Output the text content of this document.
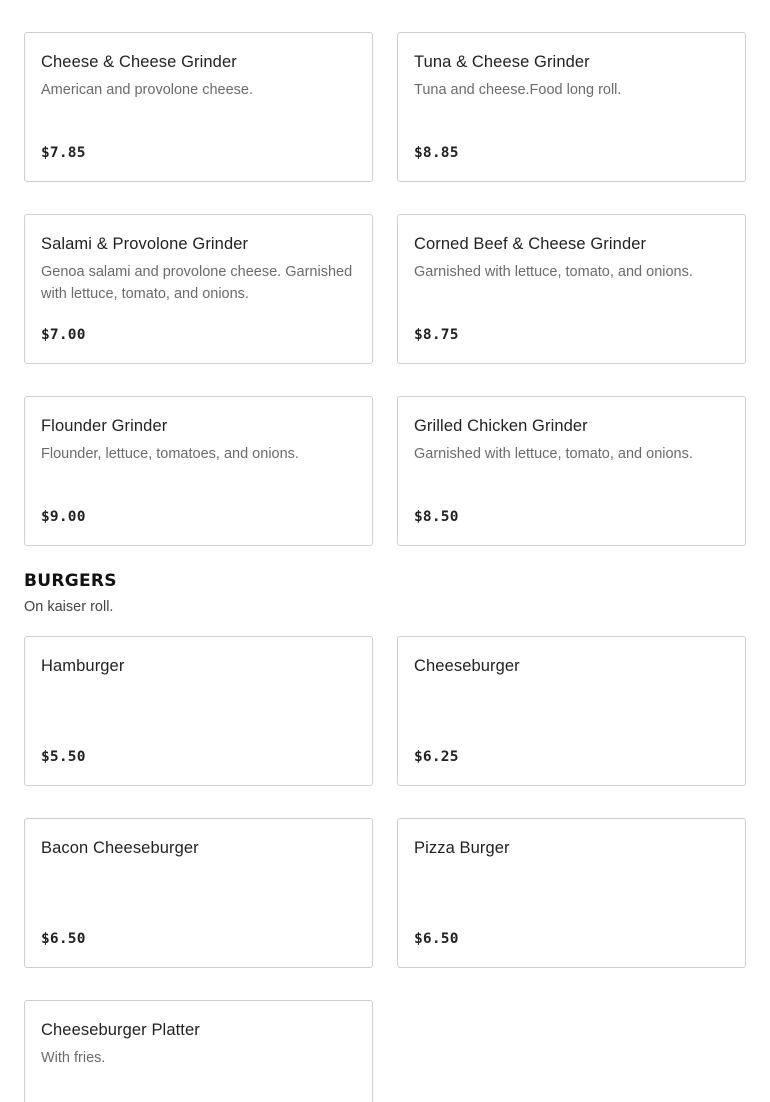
Cheese & Cheese Grinder
American and provolone cheese.
$7.85
Tuna & Cheese Grinder
Tuna and cheese.Food long roll.
$8.85
Salami & Provolone Grinder
Genoa salami and provolone cheese. Garnished with lettuce, tomato, and onions.
$7.00
Corned Beef & Cheese Grinder
Garnished with lettuce, tomato, and onions.
$8.75
Flounder Grinder
Flounder, lettuce, tomatoes, and onions.
$9.00
Grilled Chicken Grinder
Garnished with lettuce, tomato, and onions.
$8.50
BURGERS
On kaiser roll.
Hamburger
$5.50
Cheeseburger
$6.25
Bacon Cheeseburger
$6.50
Pizza Burger
$6.50
Cheeseburger Platter
With fries.
